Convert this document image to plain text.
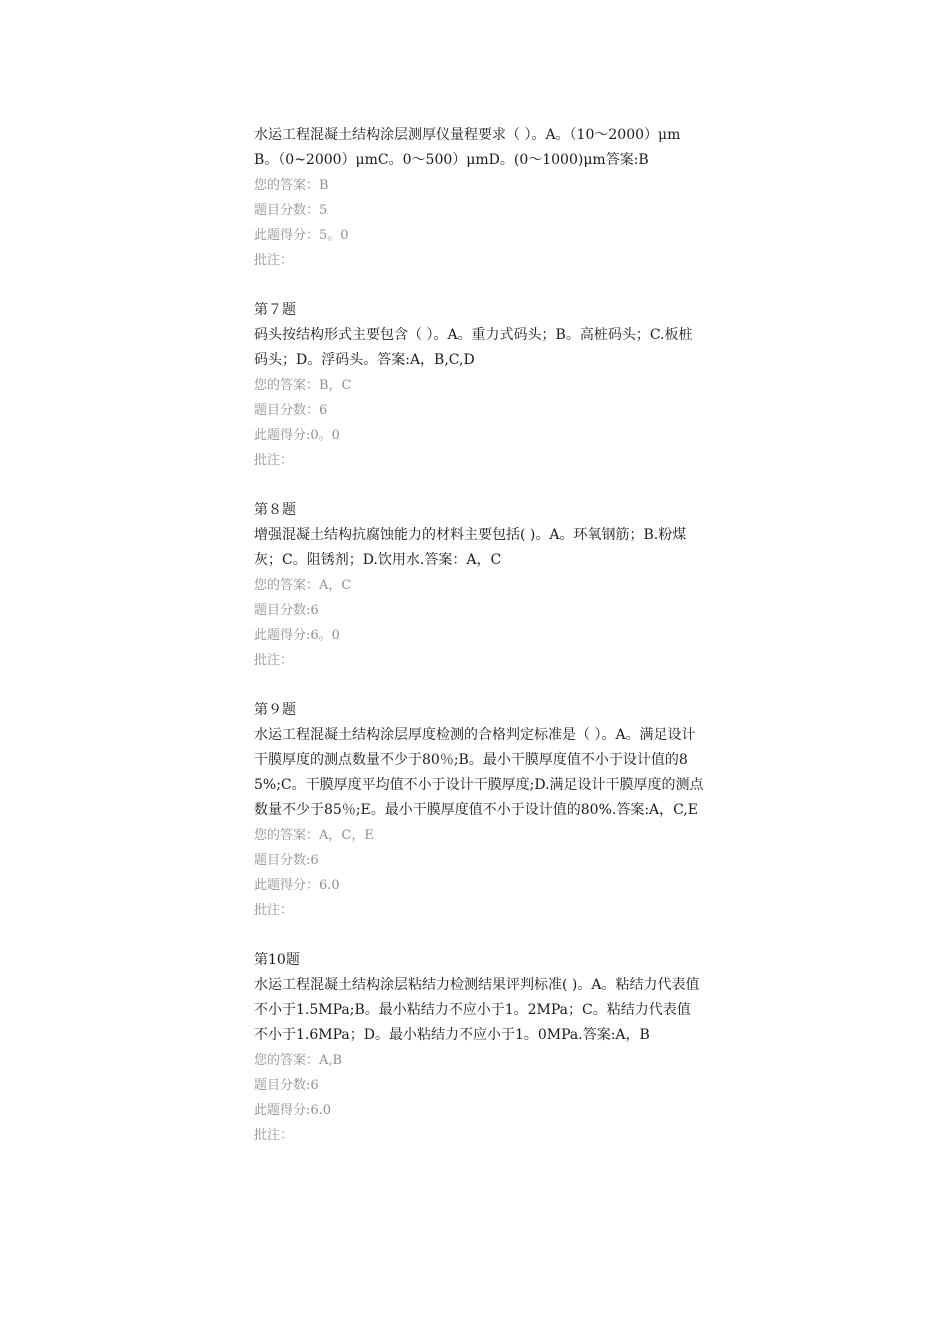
水运工程混凝土结构涂层测厚仪量程要求（ ）。A。（10～2000）μmB。（0~2000）μmC。0～500）μmD。(0～1000)μm答案:B
您的答案：B
题目分数：5
此题得分：5。0
批注：
第７题
码头按结构形式主要包含（ ）。A。重力式码头；B。高桩码头；C.板桩码头；D。浮码头。答案:A，B,C,D
您的答案：B，C
题目分数：6
此题得分:0。0
批注：
第８题
增强混凝土结构抗腐蚀能力的材料主要包括( )。A。环氧钢筋；B.粉煤灰；C。阻锈剂；D.饮用水.答案：A，C
您的答案：A，C
题目分数:6
此题得分:6。0
批注：
第９题
水运工程混凝土结构涂层厚度检测的合格判定标准是（ ）。A。满足设计干膜厚度的测点数量不少于80％;B。最小干膜厚度值不小于设计值的85%;C。干膜厚度平均值不小于设计干膜厚度;D.满足设计干膜厚度的测点数量不少于85％;E。最小干膜厚度值不小于设计值的80%.答案:A，C,E
您的答案：A，C，E
题目分数:6
此题得分：6.0
批注：
第10题
水运工程混凝土结构涂层粘结力检测结果评判标准( )。A。粘结力代表值不小于1.5MPa;B。最小粘结力不应小于1。2MPa；C。粘结力代表值不小于1.6MPa；D。最小粘结力不应小于1。0MPa.答案:A，B
您的答案：A,B
题目分数:6
此题得分:6.0
批注：
